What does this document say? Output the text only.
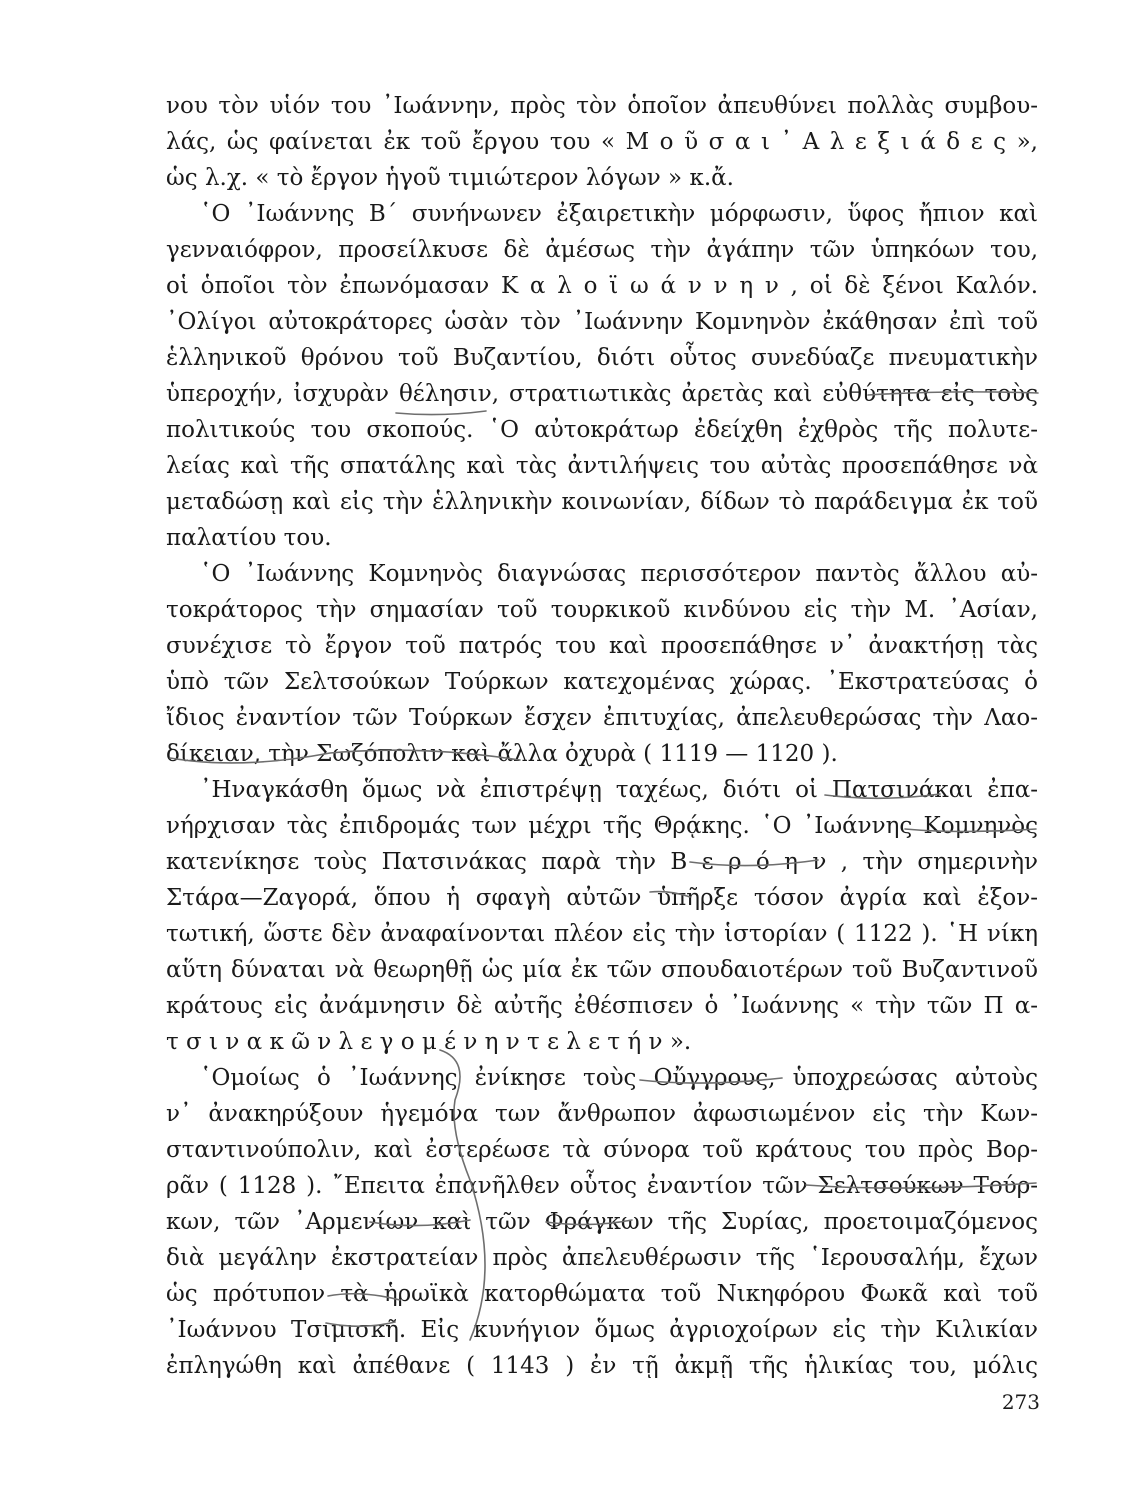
νου τὸν υἱόν του ᾿Ιωάννην, πρὸς τὸν ὁποῖον ἀπευθύνει πολλὰς συμβου-
λάς, ὡς φαίνεται ἐκ τοῦ ἔργου του « Μ ο ῦ σ α ι ᾿ Α λ ε ξ ι ά δ ε ς »,
ὡς λ.χ. « τὸ ἔργον ἡγοῦ τιμιώτερον λόγων » κ.ἄ.
῾Ο ᾿Ιωάννης Β΄ συνήνωνεν ἐξαιρετικὴν μόρφωσιν, ὕφος ἤπιον καὶ
γενναιόφρον, προσείλκυσε δὲ ἀμέσως τὴν ἀγάπην τῶν ὑπηκόων του,
οἱ ὁποῖοι τὸν ἐπωνόμασαν Κ α λ ο ϊ ω ά ν ν η ν , οἱ δὲ ξένοι Καλόν.
᾿Ολίγοι αὐτοκράτορες ὡσὰν τὸν ᾿Ιωάννην Κομνηνὸν ἐκάθησαν ἐπὶ τοῦ
ἑλληνικοῦ θρόνου τοῦ Βυζαντίου, διότι οὗτος συνεδύαζε πνευματικὴν
ὑπεροχήν, ἰσχυρὰν θέλησιν, στρατιωτικὰς ἀρετὰς καὶ εὐθύτητα εἰς τοὺς
πολιτικούς του σκοπούς. ῾Ο αὐτοκράτωρ ἐδείχθη ἐχθρὸς τῆς πολυτε-
λείας καὶ τῆς σπατάλης καὶ τὰς ἀντιλήψεις του αὐτὰς προσεπάθησε νὰ
μεταδώσῃ καὶ εἰς τὴν ἑλληνικὴν κοινωνίαν, δίδων τὸ παράδειγμα ἐκ τοῦ
παλατίου του.
῾Ο ᾿Ιωάννης Κομνηνὸς διαγνώσας περισσότερον παντὸς ἄλλου αὐ-
τοκράτορος τὴν σημασίαν τοῦ τουρκικοῦ κινδύνου εἰς τὴν Μ. ᾿Ασίαν,
συνέχισε τὸ ἔργον τοῦ πατρός του καὶ προσεπάθησε ν᾿ ἀνακτήσῃ τὰς
ὑπὸ τῶν Σελτσούκων Τούρκων κατεχομένας χώρας. ᾿Εκστρατεύσας ὁ
ἴδιος ἐναντίον τῶν Τούρκων ἔσχεν ἐπιτυχίας, ἀπελευθερώσας τὴν Λαο-
δίκειαν, τὴν Σωζόπολιν καὶ ἄλλα ὀχυρὰ ( 1119 — 1120 ).
᾿Ηναγκάσθη ὅμως νὰ ἐπιστρέψῃ ταχέως, διότι οἱ Πατσινάκαι ἐπα-
νήρχισαν τὰς ἐπιδρομάς των μέχρι τῆς Θρᾴκης. ῾Ο ᾿Ιωάννης Κομνηνὸς
κατενίκησε τοὺς Πατσινάκας παρὰ τὴν Β ε ρ ό η ν , τὴν σημερινὴν
Στάρα—Ζαγορά, ὅπου ἡ σφαγὴ αὐτῶν ὑπῆρξε τόσον ἀγρία καὶ ἐξον-
τωτική, ὥστε δὲν ἀναφαίνονται πλέον εἰς τὴν ἱστορίαν ( 1122 ). ῾Η νίκη
αὕτη δύναται νὰ θεωρηθῇ ὡς μία ἐκ τῶν σπουδαιοτέρων τοῦ Βυζαντινοῦ
κράτους εἰς ἀνάμνησιν δὲ αὐτῆς ἐθέσπισεν ὁ ᾿Ιωάννης « τὴν τῶν Π α-
τ σ ι ν α κ ῶ ν λ ε γ ο μ έ ν η ν τ ε λ ε τ ή ν ».
῾Ομοίως ὁ ᾿Ιωάννης ἐνίκησε τοὺς Οὔγγρους, ὑποχρεώσας αὐτοὺς
ν᾿ ἀνακηρύξουν ἡγεμόνα των ἄνθρωπον ἀφωσιωμένον εἰς τὴν Κων-
σταντινούπολιν, καὶ ἐστερέωσε τὰ σύνορα τοῦ κράτους του πρὸς Βορ-
ρᾶν ( 1128 ). ῎Επειτα ἐπανῆλθεν οὗτος ἐναντίον τῶν Σελτσούκων Τούρ-
κων, τῶν ᾿Αρμενίων καὶ τῶν Φράγκων τῆς Συρίας, προετοιμαζόμενος
διὰ μεγάλην ἐκστρατείαν πρὸς ἀπελευθέρωσιν τῆς ῾Ιερουσαλήμ, ἔχων
ὡς πρότυπον τὰ ἡρωϊκὰ κατορθώματα τοῦ Νικηφόρου Φωκᾶ καὶ τοῦ
᾿Ιωάννου Τσιμισκῆ. Εἰς κυνήγιον ὅμως ἀγριοχοίρων εἰς τὴν Κιλικίαν
ἐπληγώθη καὶ ἀπέθανε ( 1143 ) ἐν τῇ ἀκμῇ τῆς ἡλικίας του, μόλις
273
